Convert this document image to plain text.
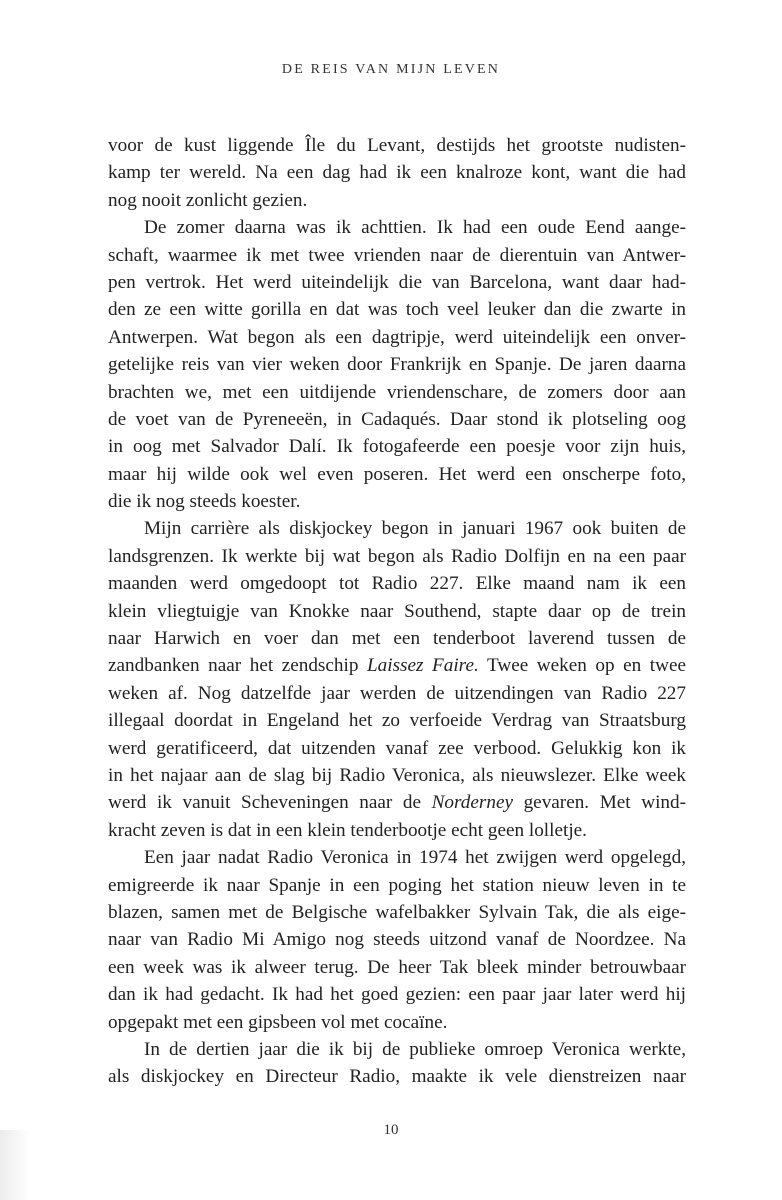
DE REIS VAN MIJN LEVEN

voor de kust liggende Île du Levant, destijds het grootste nudisten-
kamp ter wereld. Na een dag had ik een knalroze kont, want die had
nog nooit zonlicht gezien.

De zomer daarna was ik achttien. Ik had een oude Eend aange-
schaft, waarmee ik met twee vrienden naar de dierentuin van Antwer-
pen vertrok. Het werd uiteindelijk die van Barcelona, want daar had-
den ze een witte gorilla en dat was toch veel leuker dan die zwarte in
Antwerpen. Wat begon als een dagtripje, werd uiteindelijk een onver-
getelijke reis van vier weken door Frankrijk en Spanje. De jaren daarna
brachten we, met een uitdijende vriendenschare, de zomers door aan
de voet van de Pyreneeën, in Cadaqués. Daar stond ik plotseling oog
in oog met Salvador Dalí. Ik fotogafeerde een poesje voor zijn huis,
maar hij wilde ook wel even poseren. Het werd een onscherpe foto,
die ik nog steeds koester.

Mijn carrière als diskjockey begon in januari 1967 ook buiten de
landsgrenzen. Ik werkte bij wat begon als Radio Dolfijn en na een paar
maanden werd omgedoopt tot Radio 227. Elke maand nam ik een
klein vliegtuigje van Knokke naar Southend, stapte daar op de trein
naar Harwich en voer dan met een tenderboot laverend tussen de
zandbanken naar het zendschip Laissez Faire. Twee weken op en twee
weken af. Nog datzelfde jaar werden de uitzendingen van Radio 227
illegaal doordat in Engeland het zo verfoeide Verdrag van Straatsburg
werd geratificeerd, dat uitzenden vanaf zee verbood. Gelukkig kon ik
in het najaar aan de slag bij Radio Veronica, als nieuwslezer. Elke week
werd ik vanuit Scheveningen naar de Norderney gevaren. Met wind-
kracht zeven is dat in een klein tenderbootje echt geen lolletje.

Een jaar nadat Radio Veronica in 1974 het zwijgen werd opgelegd,
emigreerde ik naar Spanje in een poging het station nieuw leven in te
blazen, samen met de Belgische wafelbakker Sylvain Tak, die als eige-
naar van Radio Mi Amigo nog steeds uitzond vanaf de Noordzee. Na
een week was ik alweer terug. De heer Tak bleek minder betrouwbaar
dan ik had gedacht. Ik had het goed gezien: een paar jaar later werd hij
opgepakt met een gipsbeen vol met cocaïne.

In de dertien jaar die ik bij de publieke omroep Veronica werkte,
als diskjockey en Directeur Radio, maakte ik vele dienstreizen naar

10
